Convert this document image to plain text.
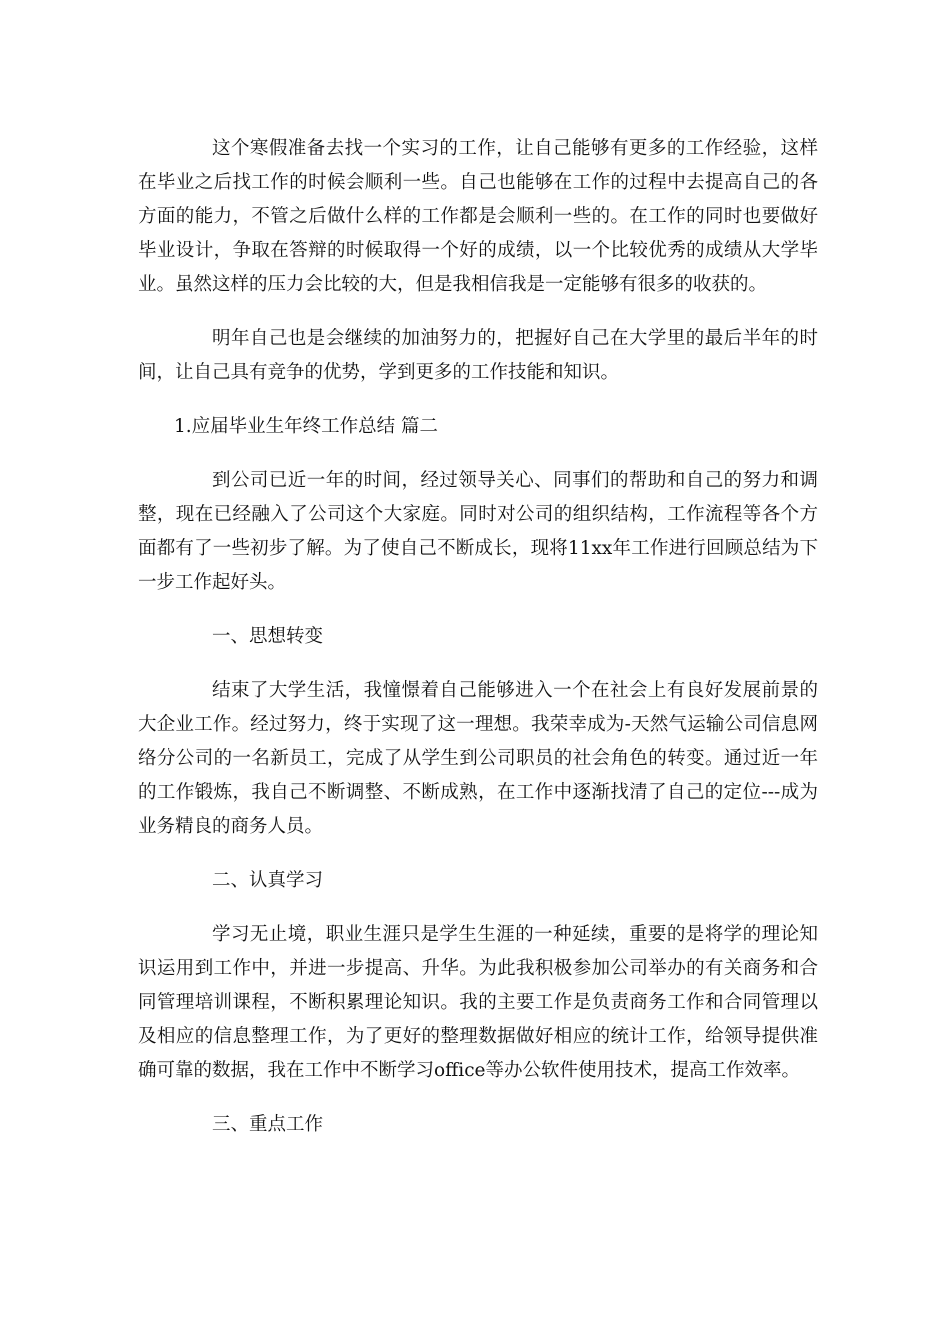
这个寒假准备去找一个实习的工作，让自己能够有更多的工作经验，这样在毕业之后找工作的时候会顺利一些。自己也能够在工作的过程中去提高自己的各方面的能力，不管之后做什么样的工作都是会顺利一些的。在工作的同时也要做好毕业设计，争取在答辩的时候取得一个好的成绩，以一个比较优秀的成绩从大学毕业。虽然这样的压力会比较的大，但是我相信我是一定能够有很多的收获的。

明年自己也是会继续的加油努力的，把握好自己在大学里的最后半年的时间，让自己具有竞争的优势，学到更多的工作技能和知识。

1.应届毕业生年终工作总结 篇二

到公司已近一年的时间，经过领导关心、同事们的帮助和自己的努力和调整，现在已经融入了公司这个大家庭。同时对公司的组织结构，工作流程等各个方面都有了一些初步了解。为了使自己不断成长，现将11xx年工作进行回顾总结为下一步工作起好头。

一、思想转变

结束了大学生活，我憧憬着自己能够进入一个在社会上有良好发展前景的大企业工作。经过努力，终于实现了这一理想。我荣幸成为-天然气运输公司信息网络分公司的一名新员工，完成了从学生到公司职员的社会角色的转变。通过近一年的工作锻炼，我自己不断调整、不断成熟，在工作中逐渐找清了自己的定位---成为业务精良的商务人员。

二、认真学习

学习无止境，职业生涯只是学生生涯的一种延续，重要的是将学的理论知识运用到工作中，并进一步提高、升华。为此我积极参加公司举办的有关商务和合同管理培训课程，不断积累理论知识。我的主要工作是负责商务工作和合同管理以及相应的信息整理工作，为了更好的整理数据做好相应的统计工作，给领导提供准确可靠的数据，我在工作中不断学习office等办公软件使用技术，提高工作效率。

三、重点工作
